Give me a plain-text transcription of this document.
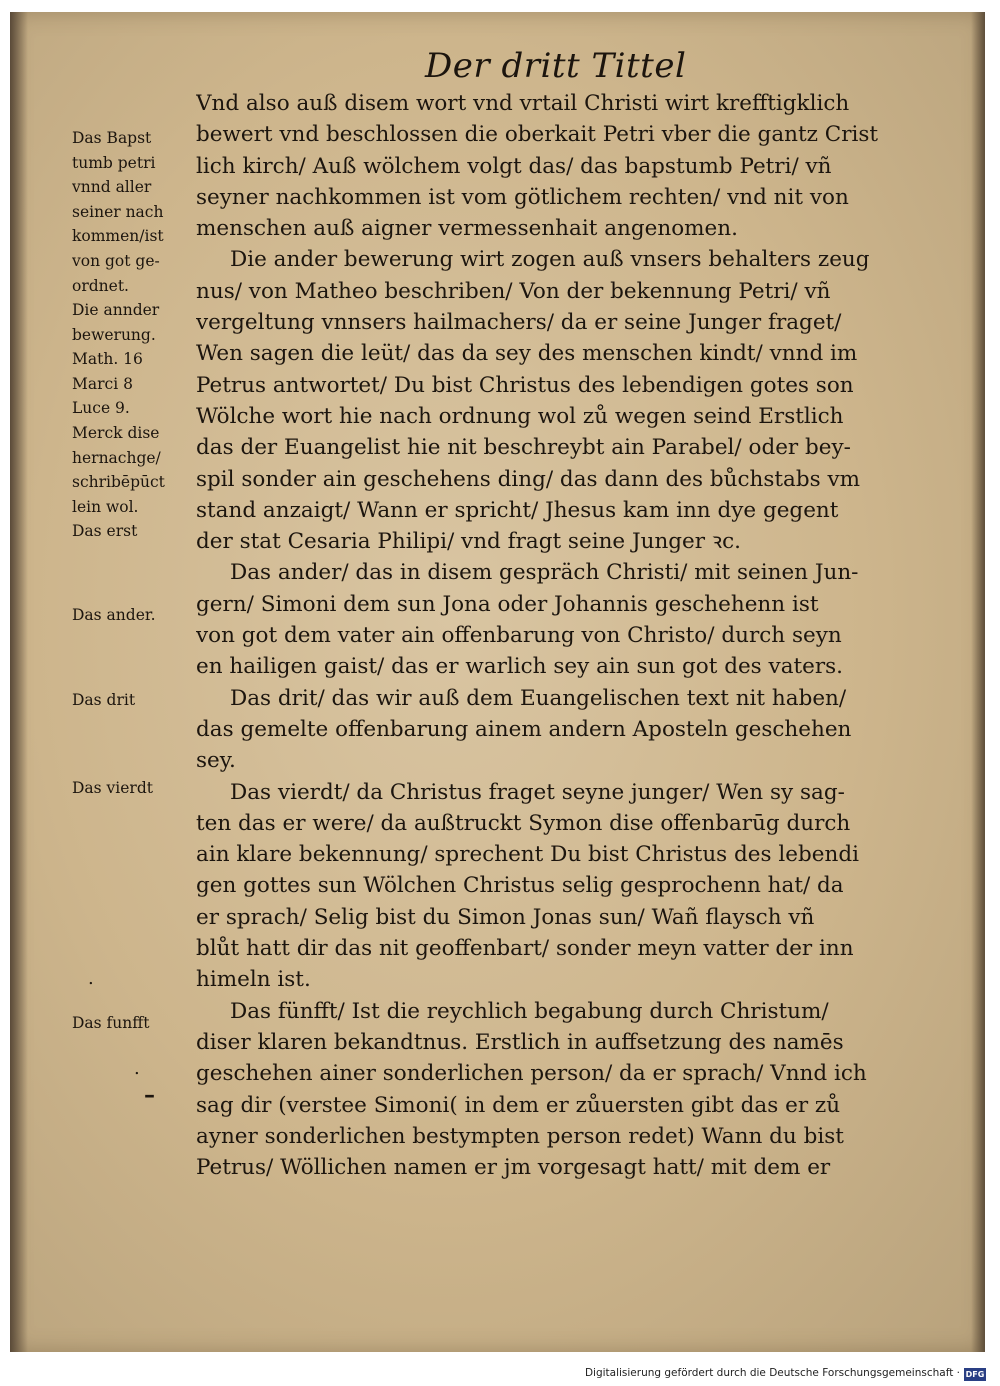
Der dritt Tittel
Das Bapst
tumb petri
vnnd aller
seiner nach
kommen/ist
von got ge-
ordnet.
Die annder
bewerung.
Math. 16
Marci 8
Luce 9.
Merck dise
hernachge/
schribēpūct
lein wol.
Das erst
Das ander.
Das drit
Das vierdt
Das funfft
.
.
–
Vnd also auß disem wort vnd vrtail Christi wirt krefftigklich
bewert vnd beschlossen die oberkait Petri vber die gantz Crist
lich kirch/ Auß wölchem volgt das/ das bapstumb Petri/ vñ
seyner nachkommen ist vom götlichem rechten/ vnd nit von
menschen auß aigner vermessenhait angenomen.
Die ander bewerung wirt zogen auß vnsers behalters zeug
nus/ von Matheo beschriben/ Von der bekennung Petri/ vñ
vergeltung vnnsers hailmachers/ da er seine Junger fraget/
Wen sagen die leüt/ das da sey des menschen kindt/ vnnd im
Petrus antwortet/ Du bist Christus des lebendigen gotes son
Wölche wort hie nach ordnung wol zů wegen seind Erstlich
das der Euangelist hie nit beschreybt ain Parabel/ oder bey-
spil sonder ain geschehens ding/ das dann des bůchstabs vm
stand anzaigt/ Wann er spricht/ Jhesus kam inn dye gegent
der stat Cesaria Philipi/ vnd fragt seine Junger ꝛc.
Das ander/ das in disem gespräch Christi/ mit seinen Jun-
gern/ Simoni dem sun Jona oder Johannis geschehenn ist
von got dem vater ain offenbarung von Christo/ durch seyn
en hailigen gaist/ das er warlich sey ain sun got des vaters.
Das drit/ das wir auß dem Euangelischen text nit haben/
das gemelte offenbarung ainem andern Aposteln geschehen
sey.
Das vierdt/ da Christus fraget seyne junger/ Wen sy sag-
ten das er were/ da außtruckt Symon dise offenbarūg durch
ain klare bekennung/ sprechent Du bist Christus des lebendi
gen gottes sun Wölchen Christus selig gesprochenn hat/ da
er sprach/ Selig bist du Simon Jonas sun/ Wañ flaysch vñ
blůt hatt dir das nit geoffenbart/ sonder meyn vatter der inn
himeln ist.
Das fünfft/ Ist die reychlich begabung durch Christum/
diser klaren bekandtnus. Erstlich in auffsetzung des namēs
geschehen ainer sonderlichen person/ da er sprach/ Vnnd ich
sag dir (verstee Simoni( in dem er zůuersten gibt das er zů
ayner sonderlichen bestympten person redet) Wann du bist
Petrus/ Wöllichen namen er jm vorgesagt hatt/ mit dem er
Digitalisierung gefördert durch die Deutsche Forschungsgemeinschaft · DFG
